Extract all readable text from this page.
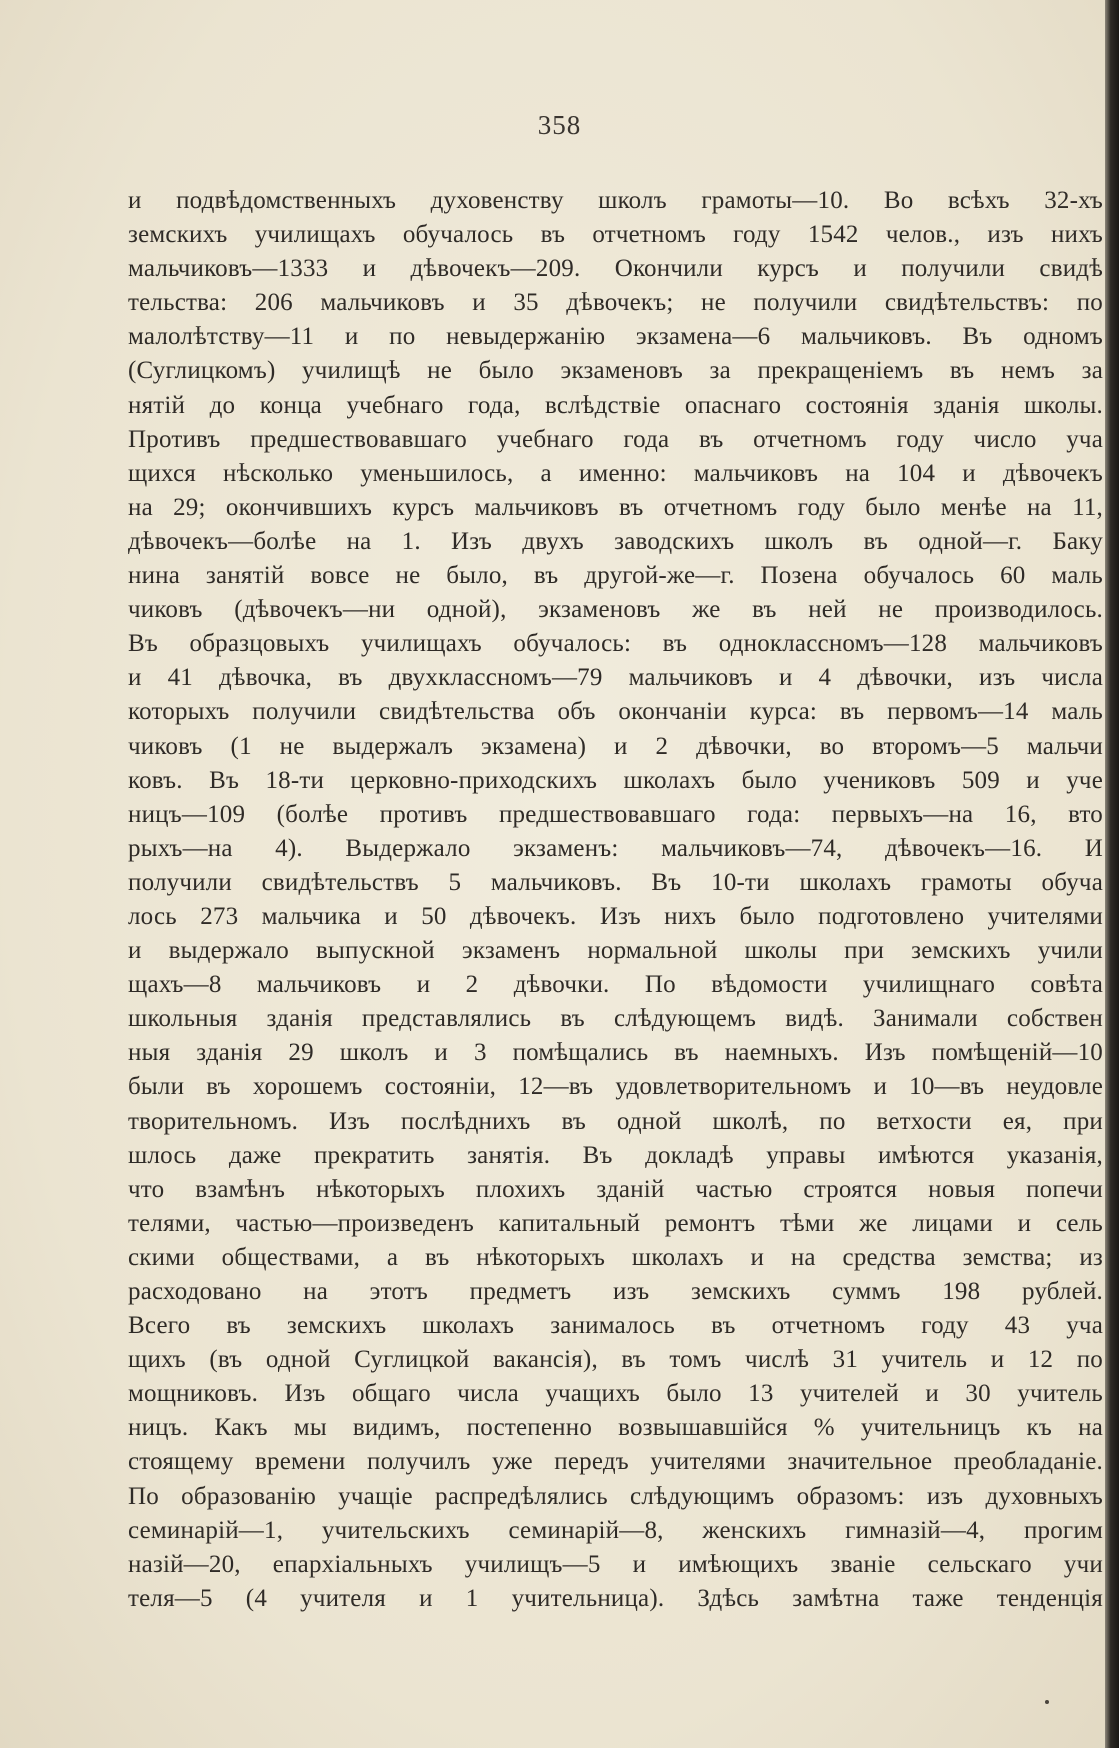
358
и подвѣдомственныхъ духовенству школъ грамоты—10. Во всѣхъ 32-хъ
земскихъ училищахъ обучалось въ отчетномъ году 1542 челов., изъ нихъ
мальчиковъ—1333 и дѣвочекъ—209. Окончили курсъ и получили свидѣ
тельства: 206 мальчиковъ и 35 дѣвочекъ; не получили свидѣтельствъ: по
малолѣтству—11 и по невыдержанію экзамена—6 мальчиковъ. Въ одномъ
(Суглицкомъ) училищѣ не было экзаменовъ за прекращеніемъ въ немъ за
нятій до конца учебнаго года, вслѣдствіе опаснаго состоянія зданія школы.
Противъ предшествовавшаго учебнаго года въ отчетномъ году число уча
щихся нѣсколько уменьшилось, а именно: мальчиковъ на 104 и дѣвочекъ
на 29; окончившихъ курсъ мальчиковъ въ отчетномъ году было менѣе на 11,
дѣвочекъ—болѣе на 1. Изъ двухъ заводскихъ школъ въ одной—г. Баку
нина занятій вовсе не было, въ другой-же—г. Позена обучалось 60 маль
чиковъ (дѣвочекъ—ни одной), экзаменовъ же въ ней не производилось.
Въ образцовыхъ училищахъ обучалось: въ одноклассномъ—128 мальчиковъ
и 41 дѣвочка, въ двухклассномъ—79 мальчиковъ и 4 дѣвочки, изъ числа
которыхъ получили свидѣтельства объ окончаніи курса: въ первомъ—14 маль
чиковъ (1 не выдержалъ экзамена) и 2 дѣвочки, во второмъ—5 мальчи
ковъ. Въ 18-ти церковно-приходскихъ школахъ было учениковъ 509 и уче
ницъ—109 (болѣе противъ предшествовавшаго года: первыхъ—на 16, вто
рыхъ—на 4). Выдержало экзаменъ: мальчиковъ—74, дѣвочекъ—16. И
получили свидѣтельствъ 5 мальчиковъ. Въ 10-ти школахъ грамоты обуча
лось 273 мальчика и 50 дѣвочекъ. Изъ нихъ было подготовлено учителями
и выдержало выпускной экзаменъ нормальной школы при земскихъ учили
щахъ—8 мальчиковъ и 2 дѣвочки. По вѣдомости училищнаго совѣта
школьныя зданія представлялись въ слѣдующемъ видѣ. Занимали собствен
ныя зданія 29 школъ и 3 помѣщались въ наемныхъ. Изъ помѣщеній—10
были въ хорошемъ состояніи, 12—въ удовлетворительномъ и 10—въ неудовле
творительномъ. Изъ послѣднихъ въ одной школѣ, по ветхости ея, при
шлось даже прекратить занятія. Въ докладѣ управы имѣются указанія,
что взамѣнъ нѣкоторыхъ плохихъ зданій частью строятся новыя попечи
телями, частью—произведенъ капитальный ремонтъ тѣми же лицами и сель
скими обществами, а въ нѣкоторыхъ школахъ и на средства земства; из
расходовано на этотъ предметъ изъ земскихъ суммъ 198 рублей.
Всего въ земскихъ школахъ занималось въ отчетномъ году 43 уча
щихъ (въ одной Суглицкой вакансія), въ томъ числѣ 31 учитель и 12 по
мощниковъ. Изъ общаго числа учащихъ было 13 учителей и 30 учитель
ницъ. Какъ мы видимъ, постепенно возвышавшійся % учительницъ къ на
стоящему времени получилъ уже передъ учителями значительное преобладаніе.
По образованію учащіе распредѣлялись слѣдующимъ образомъ: изъ духовныхъ
семинарій—1, учительскихъ семинарій—8, женскихъ гимназій—4, прогим
назій—20, епархіальныхъ училищъ—5 и имѣющихъ званіе сельскаго учи
теля—5 (4 учителя и 1 учительница). Здѣсь замѣтна таже тенденція
